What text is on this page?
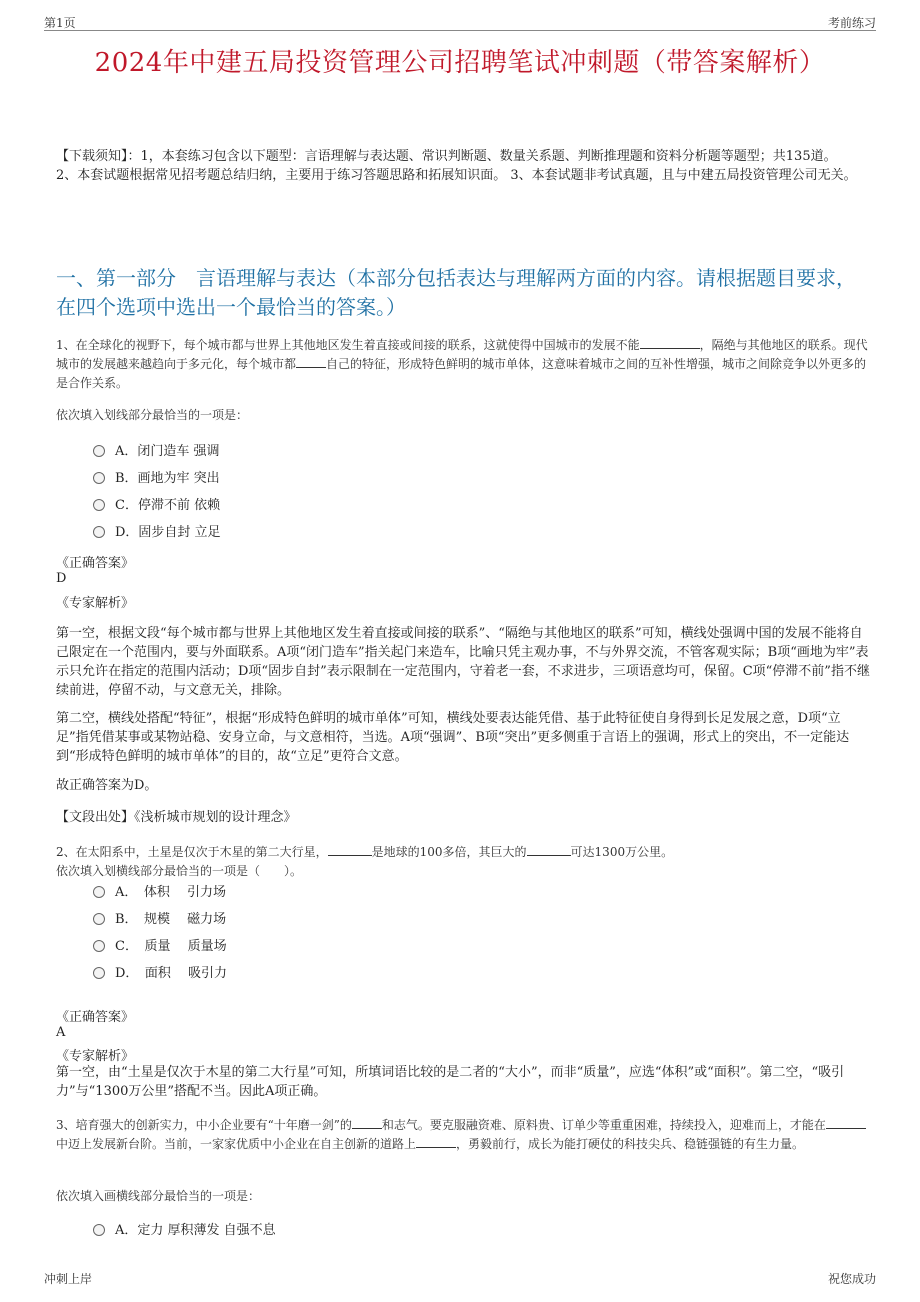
第1页	考前练习
2024年中建五局投资管理公司招聘笔试冲刺题（带答案解析）
【下载须知】：1，本套练习包含以下题型：言语理解与表达题、常识判断题、数量关系题、判断推理题和资料分析题等题型；共135道。 2、本套试题根据常见招考题总结归纳，主要用于练习答题思路和拓展知识面。 3、本套试题非考试真题，且与中建五局投资管理公司无关。
一、第一部分　言语理解与表达（本部分包括表达与理解两方面的内容。请根据题目要求，在四个选项中选出一个最恰当的答案。）
1、在全球化的视野下，每个城市都与世界上其他地区发生着直接或间接的联系，这就使得中国城市的发展不能	，隔绝与其他地区的联系。现代城市的发展越来越趋向于多元化，每个城市都	自己的特征，形成特色鲜明的城市单体，这意味着城市之间的互补性增强，城市之间除竞争以外更多的是合作关系。
依次填入划线部分最恰当的一项是：
A．闭门造车 强调
B．画地为牢 突出
C．停滞不前 依赖
D．固步自封 立足
《正确答案》
D
《专家解析》
第一空，根据文段“每个城市都与世界上其他地区发生着直接或间接的联系”、“隔绝与其他地区的联系”可知，横线处强调中国的发展不能将自己限定在一个范围内，要与外面联系。A项“闭门造车”指关起门来造车，比喻只凭主观办事，不与外界交流，不管客观实际；B项“画地为牢”表示只允许在指定的范围内活动；D项“固步自封”表示限制在一定范围内，守着老一套，不求进步，三项语意均可，保留。C项“停滞不前”指不继续前进，停留不动，与文意无关，排除。
第二空，横线处搭配“特征”，根据“形成特色鲜明的城市单体”可知，横线处要表达能凭借、基于此特征使自身得到长足发展之意，D项“立足”指凭借某事或某物站稳、安身立命，与文意相符，当选。A项“强调”、B项“突出”更多侧重于言语上的强调，形式上的突出，不一定能达到“形成特色鲜明的城市单体”的目的，故“立足”更符合文意。
故正确答案为D。
【文段出处】《浅析城市规划的设计理念》
2、在太阳系中，土星是仅次于木星的第二大行星，	是地球的100多倍，其巨大的	可达1300万公里。
依次填入划横线部分最恰当的一项是（　　）。
A．　体积　 引力场
B．　规模　 磁力场
C．　质量　 质量场
D．　面积　 吸引力
《正确答案》
A
《专家解析》
第一空，由“土星是仅次于木星的第二大行星”可知，所填词语比较的是二者的“大小”，而非“质量”，应选“体积”或“面积”。第二空，“吸引力”与“1300万公里”搭配不当。因此A项正确。
3、培育强大的创新实力，中小企业要有“十年磨一剑”的	和志气。要克服融资难、原料贵、订单少等重重困难，持续投入，迎难而上，才能在中迈上发展新台阶。当前，一家家优质中小企业在自主创新的道路上	，勇毅前行，成长为能打硬仗的科技尖兵、稳链强链的有生力量。
依次填入画横线部分最恰当的一项是：
A．定力 厚积薄发 自强不息
冲刺上岸	祝您成功
